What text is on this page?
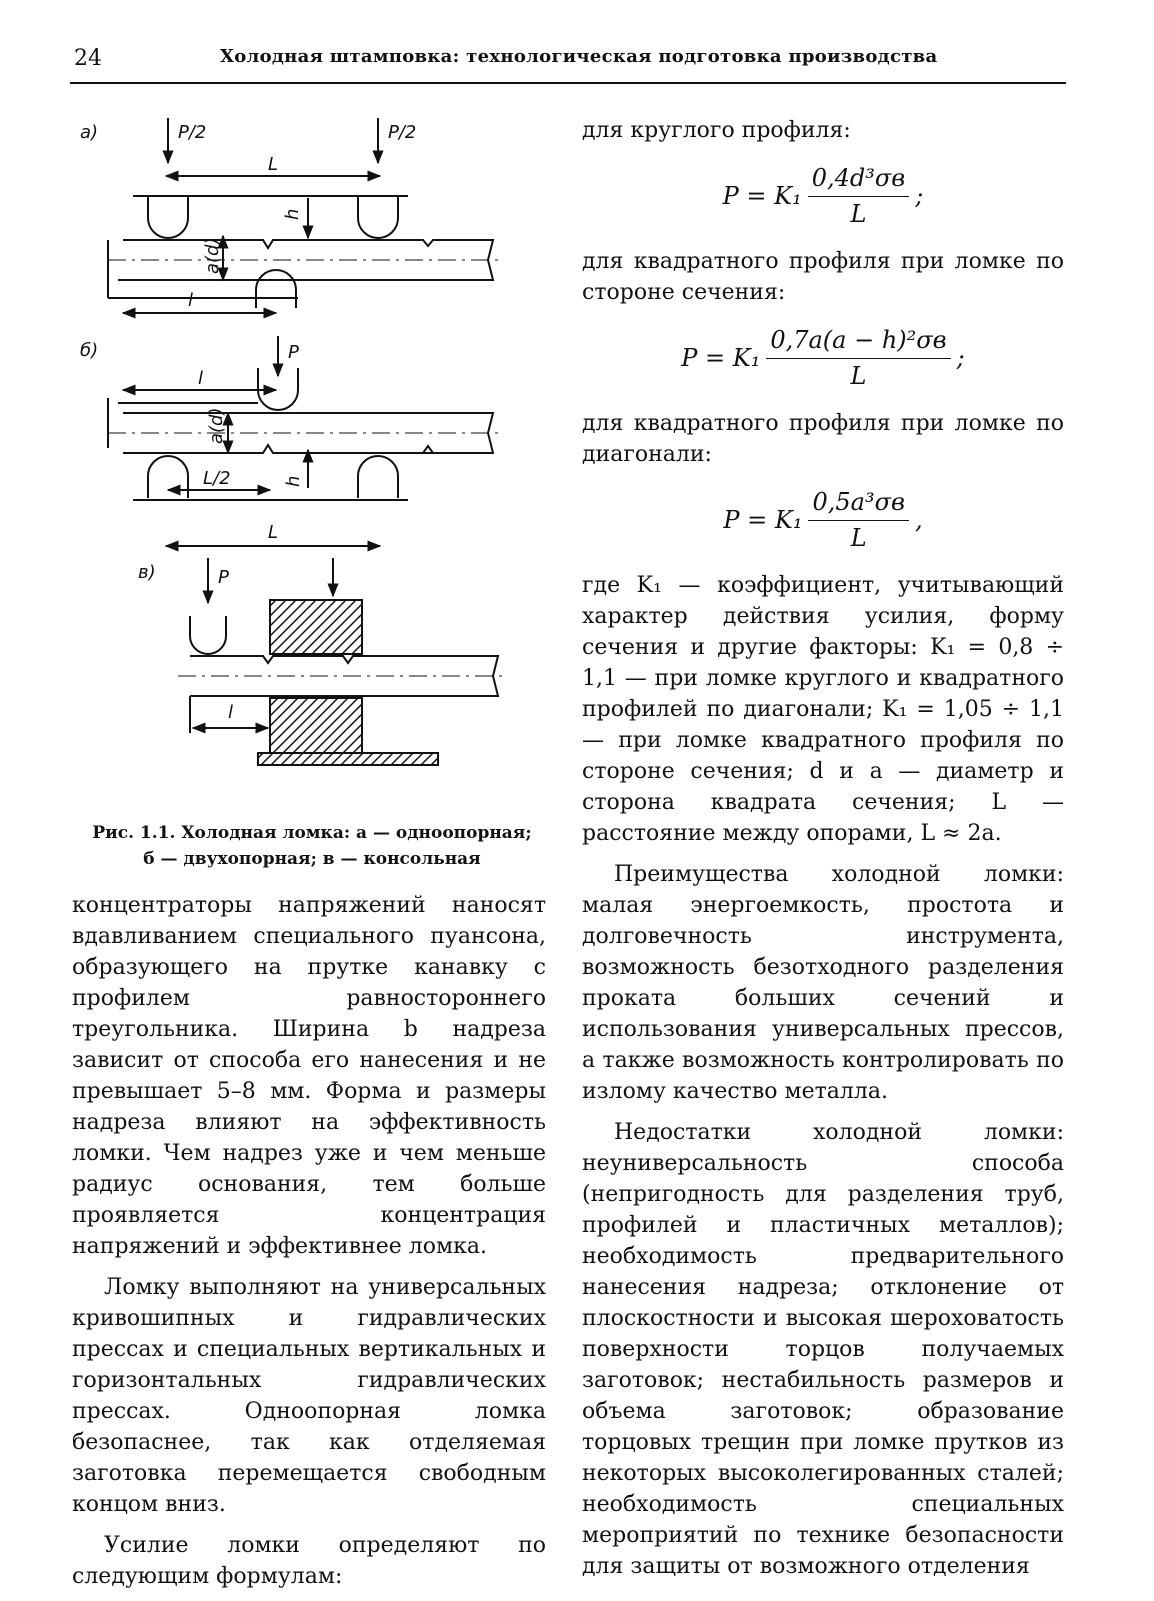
24	Холодная штамповка: технологическая подготовка производства
а)	P/2	P/2
L
a(d)
h
l
б)	P
l
a(d)
h
L/2
L
в)	P
l
Рис. 1.1. Холодная ломка: а — одноопорная;
б — двухопорная; в — консольная

концентраторы напряжений наносят вдавливанием специального пуансона, образующего на прутке канавку с профилем равностороннего треугольника. Ширина b надреза зависит от способа его нанесения и не превышает 5–8 мм. Форма и размеры надреза влияют на эффективность ломки. Чем надрез уже и чем меньше радиус основания, тем больше проявляется концентрация напряжений и эффективнее ломка.

Ломку выполняют на универсальных кривошипных и гидравлических прессах и специальных вертикальных и горизонтальных гидравлических прессах. Одноопорная ломка безопаснее, так как отделяемая заготовка перемещается свободным концом вниз.

Усилие ломки определяют по следующим формулам:

для круглого профиля:

$P = K_1 \frac{\text{0,4d³σв}}{L}$ ;

для квадратного профиля при ломке по стороне сечения:

$P = K_1 \frac{\text{0,7a(a − h)²σв}}{L}$ ;

для квадратного профиля при ломке по диагонали:

$P = K_1 \frac{\text{0,5a³σв}}{L}$ ,

где K₁ — коэффициент, учитывающий характер действия усилия, форму сечения и другие факторы: K₁ = 0,8 ÷ 1,1 — при ломке круглого и квадратного профилей по диагонали; K₁ = 1,05 ÷ 1,1 — при ломке квадратного профиля по стороне сечения; d и a — диаметр и сторона квадрата сечения; L — расстояние между опорами, L ≈ 2a.

Преимущества холодной ломки: малая энергоемкость, простота и долговечность инструмента, возможность безотходного разделения проката больших сечений и использования универсальных прессов, а также возможность контролировать по излому качество металла.

Недостатки холодной ломки: неуниверсальность способа (непригодность для разделения труб, профилей и пластичных металлов); необходимость предварительного нанесения надреза; отклонение от плоскостности и высокая шероховатость поверхности торцов получаемых заготовок; нестабильность размеров и объема заготовок; образование торцовых трещин при ломке прутков из некоторых высоколегированных сталей; необходимость специальных мероприятий по технике безопасности для защиты от возможного отделения
